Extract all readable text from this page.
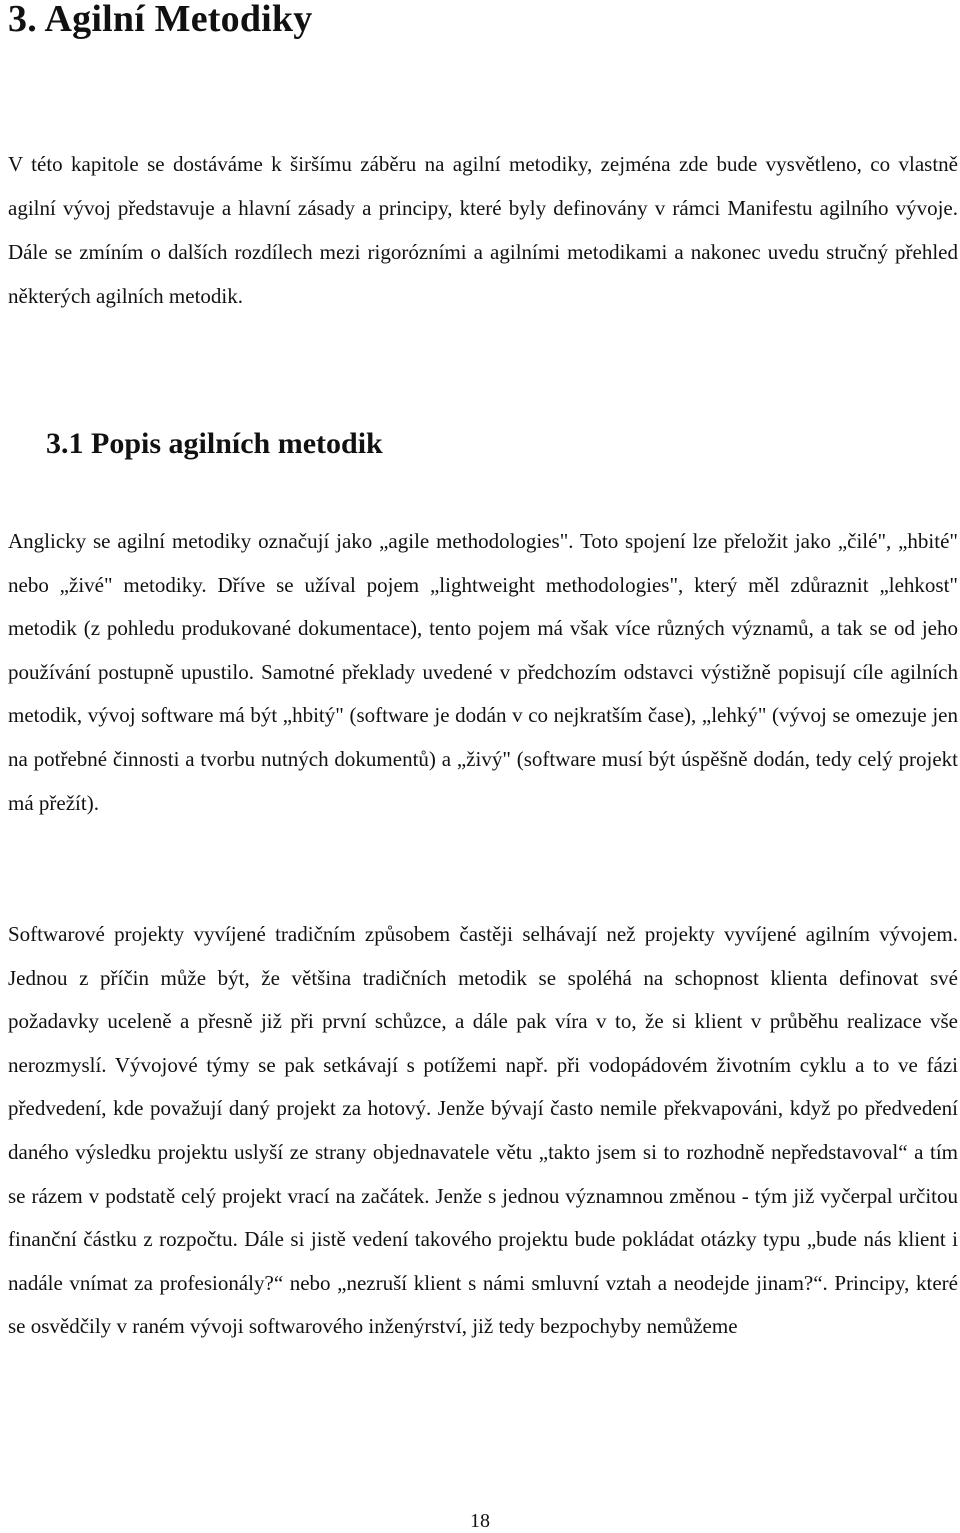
3. Agilní Metodiky

V této kapitole se dostáváme k širšímu záběru na agilní metodiky, zejména zde bude vysvětleno, co vlastně agilní vývoj představuje a hlavní zásady a principy, které byly definovány v rámci Manifestu agilního vývoje. Dále se zmíním o dalších rozdílech mezi rigorózními a agilními metodikami a nakonec uvedu stručný přehled některých agilních metodik.

3.1 Popis agilních metodik

Anglicky se agilní metodiky označují jako „agile methodologies". Toto spojení lze přeložit jako „čilé", „hbité" nebo „živé" metodiky. Dříve se užíval pojem „lightweight methodologies", který měl zdůraznit „lehkost" metodik (z pohledu produkované dokumentace), tento pojem má však více různých významů, a tak se od jeho používání postupně upustilo. Samotné překlady uvedené v předchozím odstavci výstižně popisují cíle agilních metodik, vývoj software má být „hbitý" (software je dodán v co nejkratším čase), „lehký" (vývoj se omezuje jen na potřebné činnosti a tvorbu nutných dokumentů) a „živý" (software musí být úspěšně dodán, tedy celý projekt má přežít).

Softwarové projekty vyvíjené tradičním způsobem častěji selhávají než projekty vyvíjené agilním vývojem. Jednou z příčin může být, že většina tradičních metodik se spoléhá na schopnost klienta definovat své požadavky uceleně a přesně již při první schůzce, a dále pak víra v to, že si klient v průběhu realizace vše nerozmyslí. Vývojové týmy se pak setkávají s potížemi např. při vodopádovém životním cyklu a to ve fázi předvedení, kde považují daný projekt za hotový. Jenže bývají často nemile překvapováni, když po předvedení daného výsledku projektu uslyší ze strany objednavatele větu „takto jsem si to rozhodně nepředstavoval“ a tím se rázem v podstatě celý projekt vrací na začátek. Jenže s jednou významnou změnou - tým již vyčerpal určitou finanční částku z rozpočtu. Dále si jistě vedení takového projektu bude pokládat otázky typu „bude nás klient i nadále vnímat za profesionály?“ nebo „nezruší klient s námi smluvní vztah a neodejde jinam?“. Principy, které se osvědčily v raném vývoji softwarového inženýrství, již tedy bezpochyby nemůžeme

18
